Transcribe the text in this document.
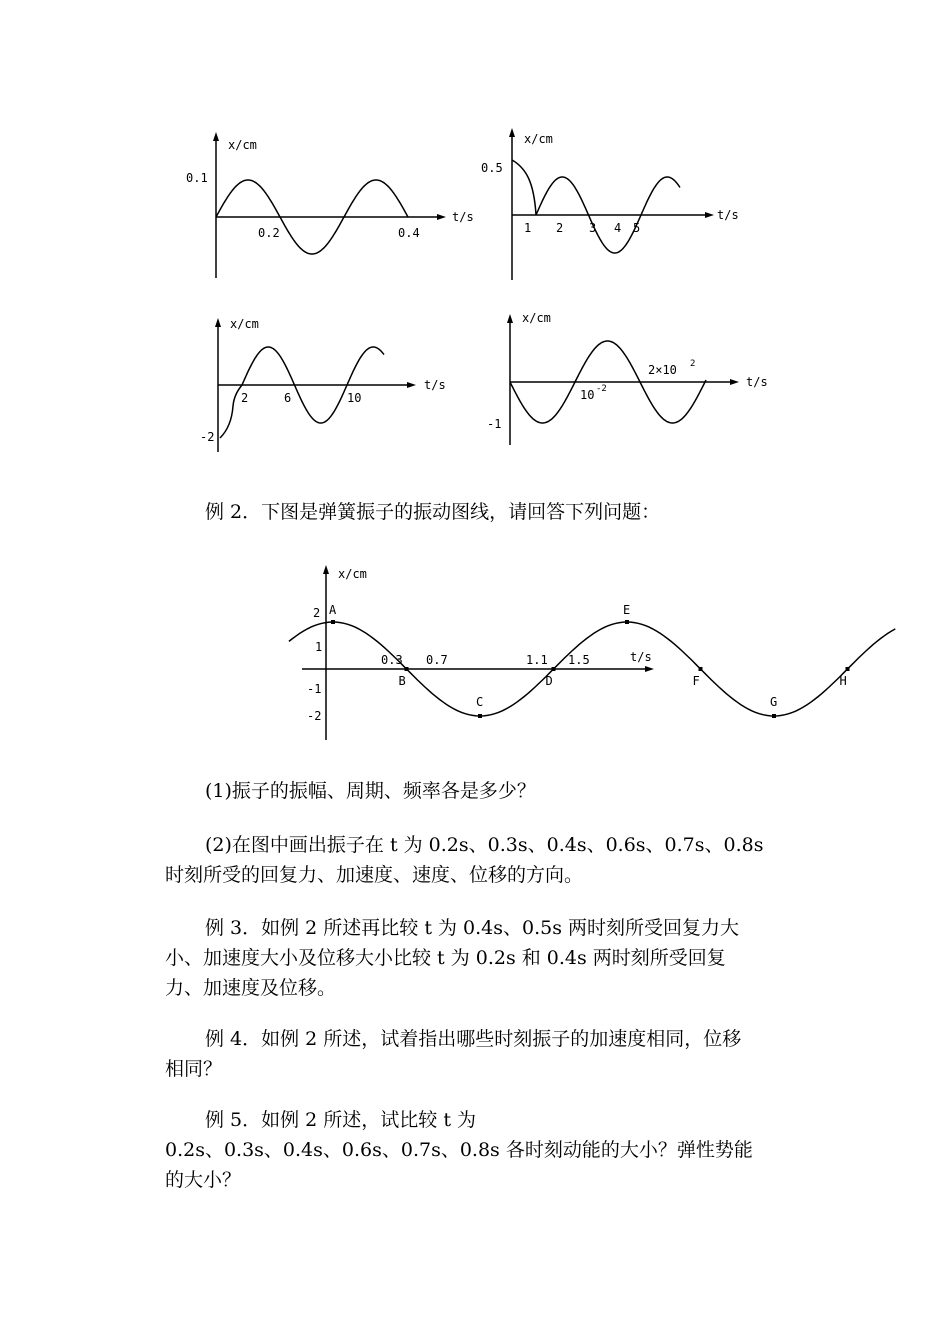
x/cm
t/s
0.1
0.2	0.4
x/cm
t/s
0.5
1 2 3 4 5
x/cm
t/s
-2
2	6	10
x/cm
t/s
-1
10 -2
2×10 2

例 2．下图是弹簧振子的振动图线，请回答下列问题：

A
B
C
D
E
F
G
H
x/cm
t/s
2
1
-1
-2
0.3 0.7	1.1 1.5

(1)振子的振幅、周期、频率各是多少？

(2)在图中画出振子在 t 为 0.2s、0.3s、0.4s、0.6s、0.7s、0.8s
时刻所受的回复力、加速度、速度、位移的方向。

例 3．如例 2 所述再比较 t 为 0.4s、0.5s 两时刻所受回复力大
小、加速度大小及位移大小比较 t 为 0.2s 和 0.4s 两时刻所受回复
力、加速度及位移。

例 4．如例 2 所述，试着指出哪些时刻振子的加速度相同，位移
相同？

例 5．如例 2 所述，试比较 t 为
0.2s、0.3s、0.4s、0.6s、0.7s、0.8s 各时刻动能的大小？弹性势能
的大小？
